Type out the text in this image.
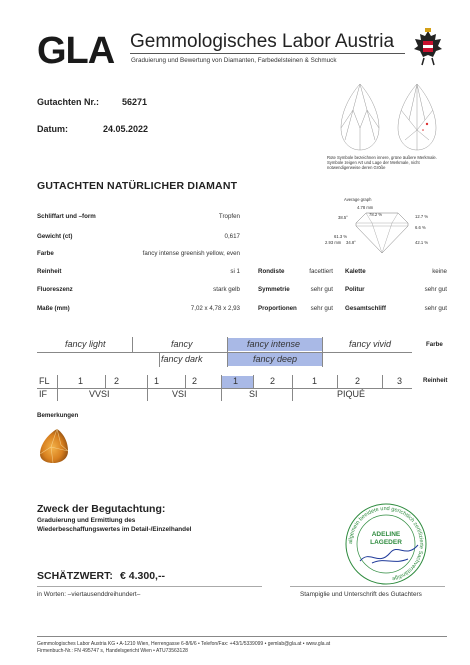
GLA Gemmologisches Labor Austria
Graduierung und Bewertung von Diamanten, Farbedelsteinen & Schmuck
Gutachten Nr.:	56271
Datum:	24.05.2022
Rote Symbole bezeichnen innere, grüne äußere Merkmale. Symbole zeigen Art und Lage der Merkmale, nicht notwendigerweise deren Größe
GUTACHTEN NATÜRLICHER DIAMANT
Average graph
4.78 mm
78.2 %
38.5°	12.7 %
6.6 %
61.3 %
2.93 mm 34.8°	42.1 %
Schliffart und –form	Tropfen
Gewicht (ct)	0,617
Farbe	fancy intense greenish yellow, even
Reinheit	si 1
Fluoreszenz	stark gelb
Maße (mm)	7,02 x 4,78 x 2,93
Rondiste	facettiert
Symmetrie	sehr gut
Proportionen	sehr gut
Kalette	keine
Politur	sehr gut
Gesamtschliff	sehr gut
fancy light	fancy	fancy intense	fancy vivid
fancy dark	fancy deep
Farbe
FL	1	2	1	2	1	2	1	2	3
IF	VVSI	VSI	SI	PIQUÉ
Reinheit
Bemerkungen
Zweck der Begutachtung:
Graduierung und Ermittlung des
Wiederbeschaffungswertes im Detail-/Einzelhandel
SCHÄTZWERT: € 4.300,--
in Worten: –viertausenddreihundert–
allgemein beeidete und gerichtlich zertifizierte Sachverständige
ADELINE
LAGEDER
Stampiglie und Unterschrift des Gutachters
Gemmologisches Labor Austria KG • A-1210 Wien, Herrengasse 6-8/6/6 • Telefon/Fax: +43/1/5339099 • gemlab@gla.at • www.gla.at
Firmenbuch-Nr.: FN 495747 s, Handelsgericht Wien • ATU73563128
